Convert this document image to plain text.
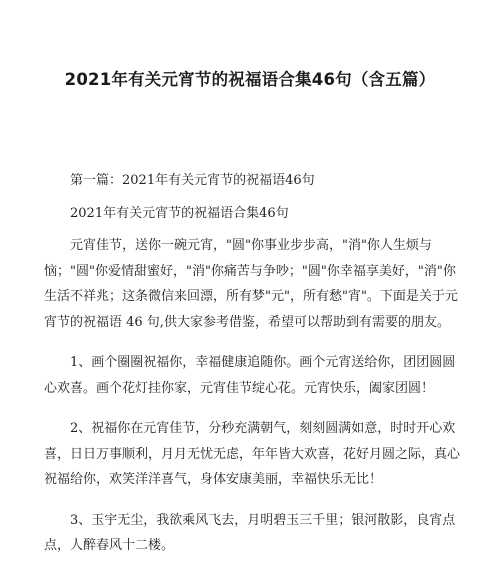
2021年有关元宵节的祝福语合集46句（含五篇）

第一篇：2021年有关元宵节的祝福语46句

2021年有关元宵节的祝福语合集46句

元宵佳节，送你一碗元宵，"圆"你事业步步高，"消"你人生烦与恼；"圆"你爱情甜蜜好，"消"你痛苦与争吵；"圆"你幸福享美好，"消"你生活不祥兆；这条微信来回漂，所有梦"元"，所有愁"宵"。下面是关于元宵节的祝福语 46 句,供大家参考借鉴，希望可以帮助到有需要的朋友。

1、画个圈圈祝福你，幸福健康追随你。画个元宵送给你，团团圆圆心欢喜。画个花灯挂你家，元宵佳节绽心花。元宵快乐，阖家团圆！

2、祝福你在元宵佳节，分秒充满朝气，刻刻圆满如意，时时开心欢喜，日日万事顺利，月月无忧无虑，年年皆大欢喜，花好月圆之际，真心祝福给你，欢笑洋洋喜气，身体安康美丽，幸福快乐无比！

3、玉宇无尘，我欲乘风飞去，月明碧玉三千里；银河散影，良宵点点，人醉春风十二楼。
